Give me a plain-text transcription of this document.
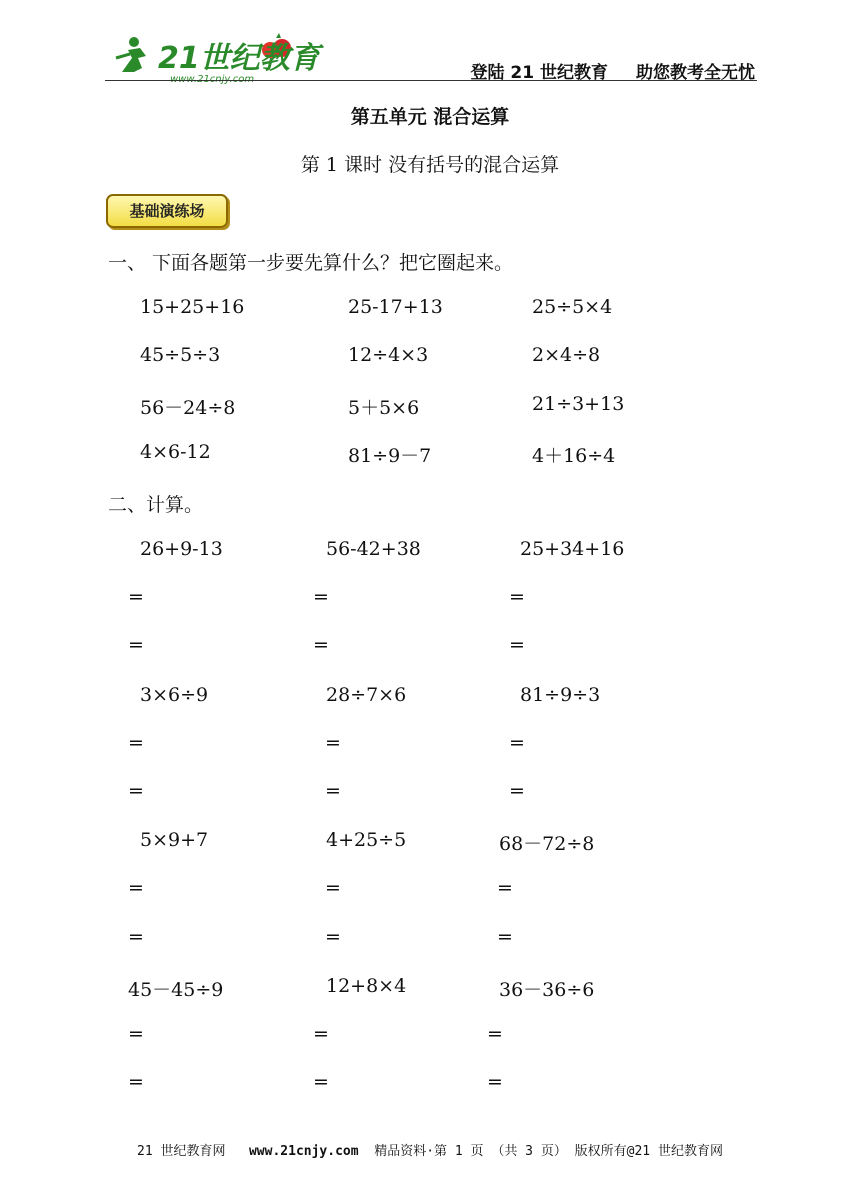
21世纪教育
www.21cnjy.com	登陆 21 世纪教育 助您教考全无忧
第五单元 混合运算
第 1 课时 没有括号的混合运算
基础演练场
一、 下面各题第一步要先算什么？把它圈起来。
15+25+16	25-17+13	25÷5×4
45÷5÷3	12÷4×3	2×4÷8
56－24÷8	5＋5×6	21÷3+13
4×6-12	81÷9－7	4＋16÷4
二、计算。
26+9-13	56-42+38	25+34+16
=	=	=
=	=	=
3×6÷9	28÷7×6	81÷9÷3
=	=	=
=	=	=
5×9+7	4+25÷5	68－72÷8
=	=	=
=	=	=
45－45÷9	12+8×4	36－36÷6
=	=	=
=	=	=
21 世纪教育网 www.21cnjy.com 精品资料·第 1 页 （共 3 页） 版权所有@21 世纪教育网
